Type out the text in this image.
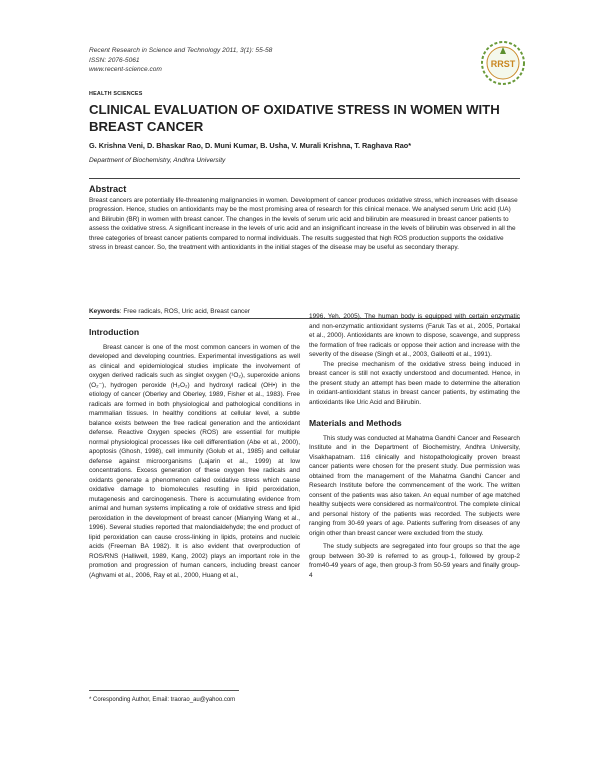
Recent Research in Science and Technology 2011, 3(1): 55-58
ISSN: 2076-5061
www.recent-science.com
RRST
HEALTH SCIENCES
CLINICAL EVALUATION OF OXIDATIVE STRESS IN WOMEN WITH BREAST CANCER
G. Krishna Veni, D. Bhaskar Rao, D. Muni Kumar, B. Usha, V. Murali Krishna, T. Raghava Rao*
Department of Biochemistry, Andhra University
Abstract
Breast cancers are potentially life-threatening malignancies in women. Development of cancer produces oxidative stress, which increases with disease progression. Hence, studies on antioxidants may be the most promising area of research for this clinical menace. We analysed serum Uric acid (UA) and Bilirubin (BR) in women with breast cancer. The changes in the levels of serum uric acid and bilirubin are measured in breast cancer patients to assess the oxidative stress. A significant increase in the levels of uric acid and an insignificant increase in the levels of bilirubin was observed in all the three categories of breast cancer patients compared to normal individuals. The results suggested that high ROS production supports the oxidative stress in breast cancer. So, the treatment with antioxidants in the initial stages of the disease may be useful as secondary therapy.
Keywords: Free radicals, ROS, Uric acid, Breast cancer
Introduction

Breast cancer is one of the most common cancers in women of the developed and developing countries. Experimental investigations as well as clinical and epidemiological studies implicate the involvement of oxygen derived radicals such as singlet oxygen (¹O₂), superoxide anions (O₂⁻), hydrogen peroxide (H₂O₂) and hydroxyl radical (OH•) in the etiology of cancer (Oberley and Oberley, 1989, Fisher et al., 1983). Free radicals are formed in both physiological and pathological conditions in mammalian tissues. In healthy conditions at cellular level, a subtle balance exists between the free radical generation and the antioxidant defense. Reactive Oxygen species (ROS) are essential for multiple normal physiological processes like cell differentiation (Abe et al., 2000), apoptosis (Ghosh, 1998), cell immunity (Golub et al., 1985) and cellular defense against microorganisms (Lajarin et al., 1999) at low concentrations. Excess generation of these oxygen free radicals and oxidants generate a phenomenon called oxidative stress which cause oxidative damage to biomolecules resulting in lipid peroxidation, mutagenesis and carcinogenesis. There is accumulating evidence from animal and human systems implicating a role of oxidative stress and lipid peroxidation in the development of breast cancer (Mianying Wang et al., 1996). Several studies reported that malondialdehyde; the end product of lipid peroxidation can cause cross-linking in lipids, proteins and nucleic acids (Freeman BA 1982). It is also evident that overproduction of ROS/RNS (Halliwell, 1989, Kang, 2002) plays an important role in the promotion and progression of human cancers, including breast cancer (Aghvami et al., 2006, Ray et al., 2000, Huang et al.,

1996, Yeh, 2005). The human body is equipped with certain enzymatic and non-enzymatic antioxidant systems (Faruk Tas et al., 2005, Portakal et al., 2000). Antioxidants are known to dispose, scavenge, and suppress the formation of free radicals or oppose their action and increase with the severity of the disease (Singh et al., 2003, Galleotti et al., 1991).

The precise mechanism of the oxidative stress being induced in breast cancer is still not exactly understood and documented. Hence, in the present study an attempt has been made to determine the alteration in oxidant-antioxidant status in breast cancer patients, by estimating the antioxidants like Uric Acid and Bilirubin.

Materials and Methods

This study was conducted at Mahatma Gandhi Cancer and Research Institute and in the Department of Biochemistry, Andhra University, Visakhapatnam. 116 clinically and histopathologically proven breast cancer patients were chosen for the present study. Due permission was obtained from the management of the Mahatma Gandhi Cancer and Research Institute before the commencement of the work. The written consent of the patients was also taken. An equal number of age matched healthy subjects were considered as normal/control. The complete clinical and personal history of the patients was recorded. The subjects were ranging from 30-69 years of age. Patients suffering from diseases of any origin other than breast cancer were excluded from the study.

The study subjects are segregated into four groups so that the age group between 30-39 is referred to as group-1, followed by group-2 from40-49 years of age, then group-3 from 50-59 years and finally group-4

* Coresponding Author, Email: traorao_au@yahoo.com
